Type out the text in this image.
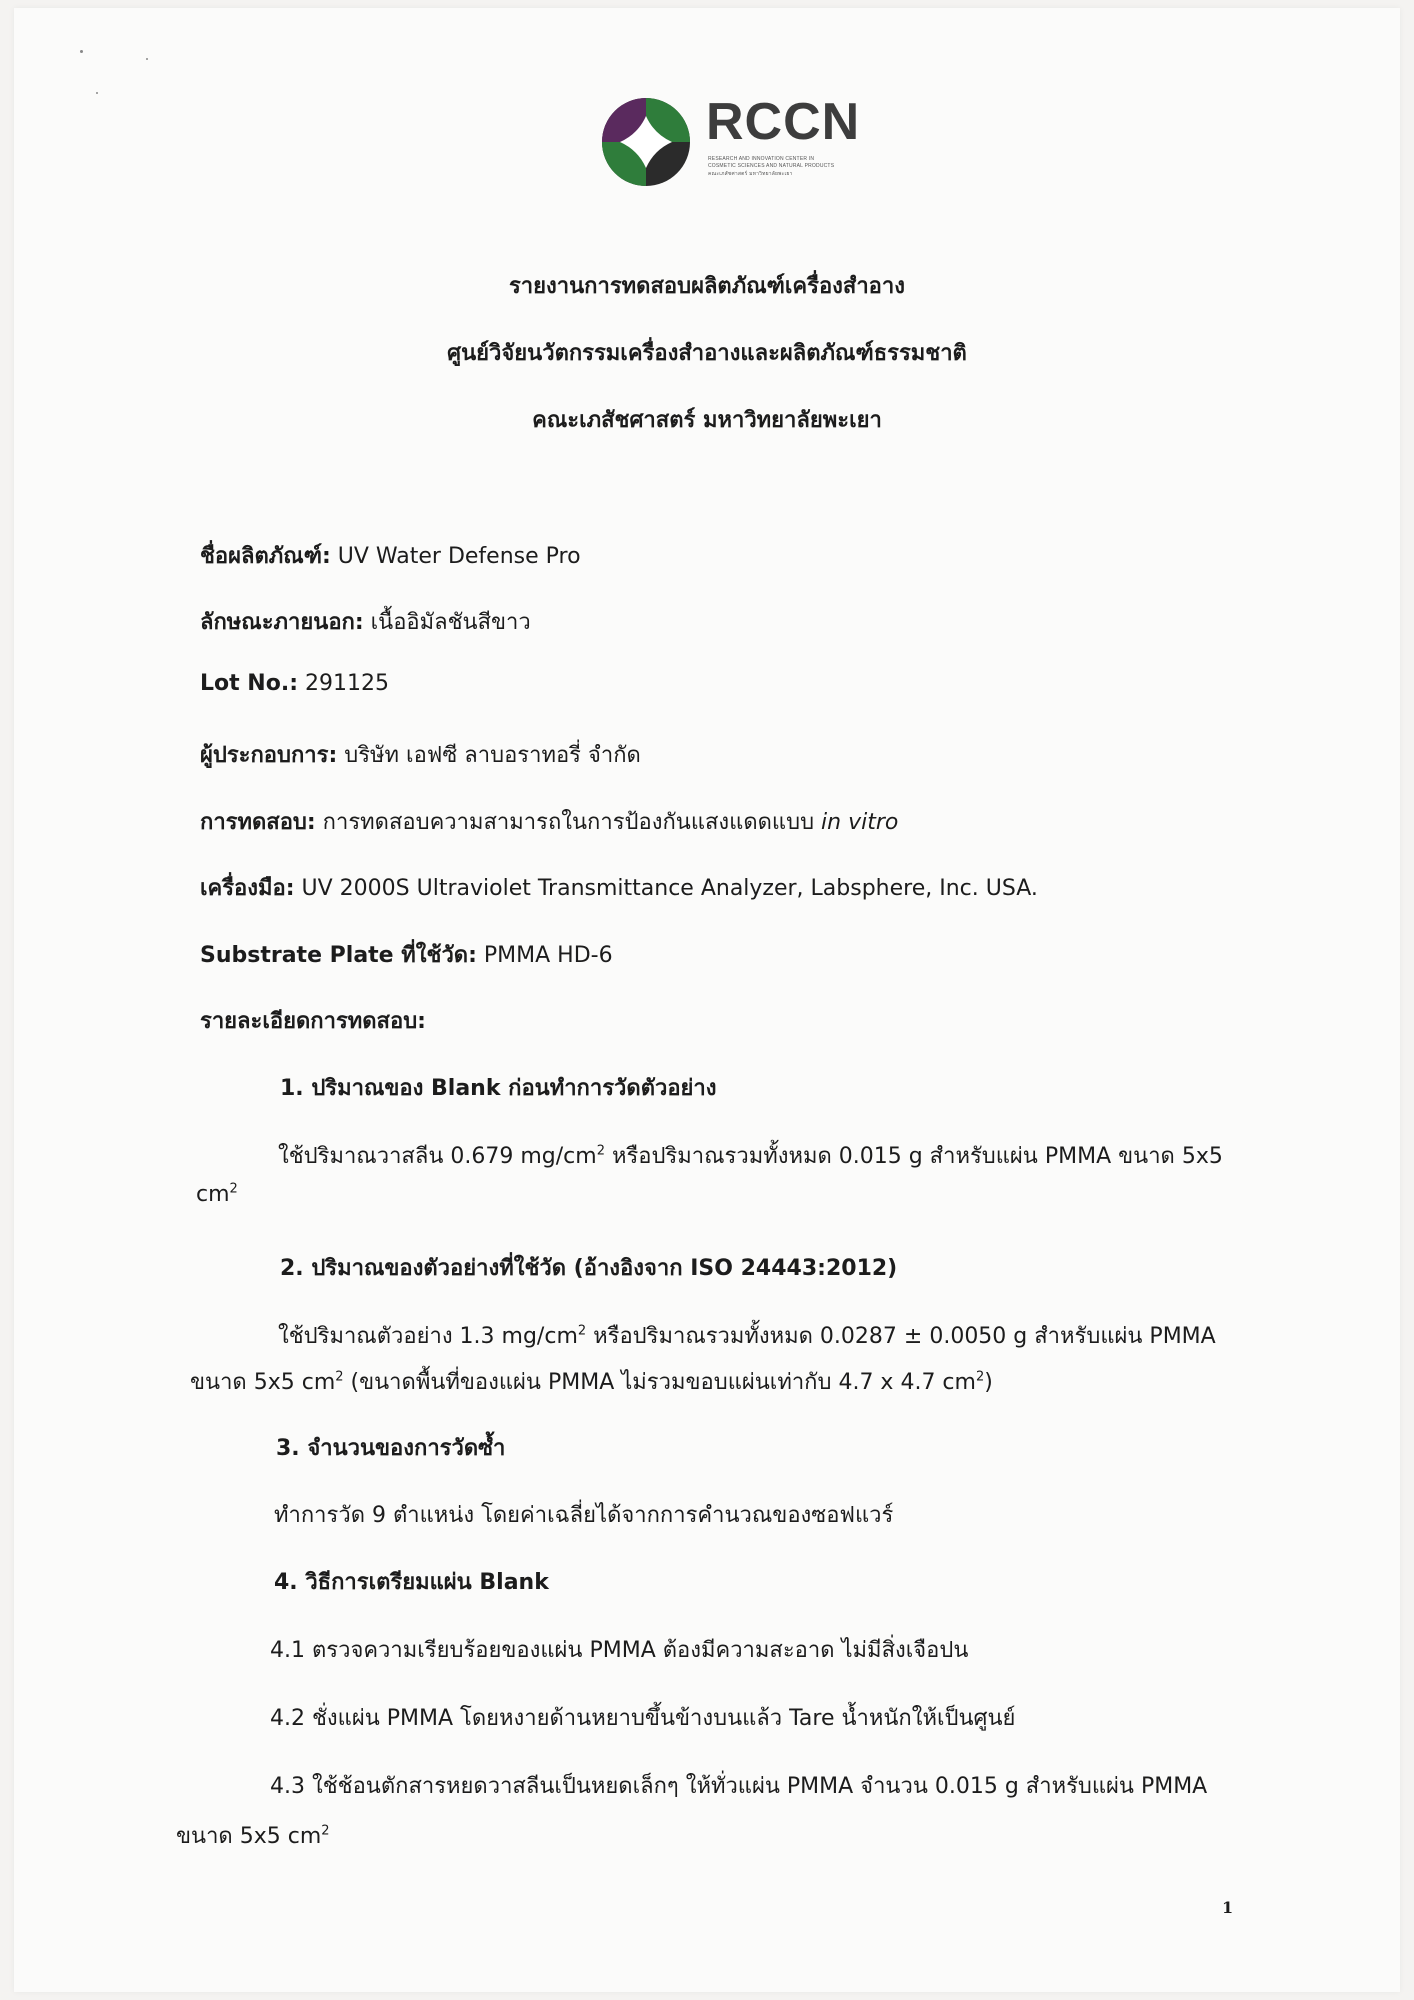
RCCN
RESEARCH AND INNOVATION CENTER IN
COSMETIC SCIENCES AND NATURAL PRODUCTS
คณะเภสัชศาสตร์ มหาวิทยาลัยพะเยา
รายงานการทดสอบผลิตภัณฑ์เครื่องสำอาง
ศูนย์วิจัยนวัตกรรมเครื่องสำอางและผลิตภัณฑ์ธรรมชาติ
คณะเภสัชศาสตร์ มหาวิทยาลัยพะเยา
ชื่อผลิตภัณฑ์: UV Water Defense Pro
ลักษณะภายนอก: เนื้ออิมัลชันสีขาว
Lot No.: 291125
ผู้ประกอบการ: บริษัท เอฟซี ลาบอราทอรี่ จำกัด
การทดสอบ: การทดสอบความสามารถในการป้องกันแสงแดดแบบ in vitro
เครื่องมือ: UV 2000S Ultraviolet Transmittance Analyzer, Labsphere, Inc. USA.
Substrate Plate ที่ใช้วัด: PMMA HD-6
รายละเอียดการทดสอบ:
1. ปริมาณของ Blank ก่อนทำการวัดตัวอย่าง
ใช้ปริมาณวาสลีน 0.679 $mg/cm^2$ หรือปริมาณรวมทั้งหมด 0.015 g สำหรับแผ่น PMMA ขนาด 5x5
$cm^2$
2. ปริมาณของตัวอย่างที่ใช้วัด (อ้างอิงจาก ISO 24443:2012)
ใช้ปริมาณตัวอย่าง 1.3 $mg/cm^2$ หรือปริมาณรวมทั้งหมด 0.0287 ± 0.0050 g สำหรับแผ่น PMMA
ขนาด 5x5 $cm^2$ (ขนาดพื้นที่ของแผ่น PMMA ไม่รวมขอบแผ่นเท่ากับ 4.7 x 4.7 $cm^2$)
3. จำนวนของการวัดซ้ำ
ทำการวัด 9 ตำแหน่ง โดยค่าเฉลี่ยได้จากการคำนวณของซอฟแวร์
4. วิธีการเตรียมแผ่น Blank
4.1 ตรวจความเรียบร้อยของแผ่น PMMA ต้องมีความสะอาด ไม่มีสิ่งเจือปน
4.2 ชั่งแผ่น PMMA โดยหงายด้านหยาบขึ้นข้างบนแล้ว Tare น้ำหนักให้เป็นศูนย์
4.3 ใช้ช้อนตักสารหยดวาสลีนเป็นหยดเล็กๆ ให้ทั่วแผ่น PMMA จำนวน 0.015 g สำหรับแผ่น PMMA
ขนาด 5x5 $cm^2$
1
